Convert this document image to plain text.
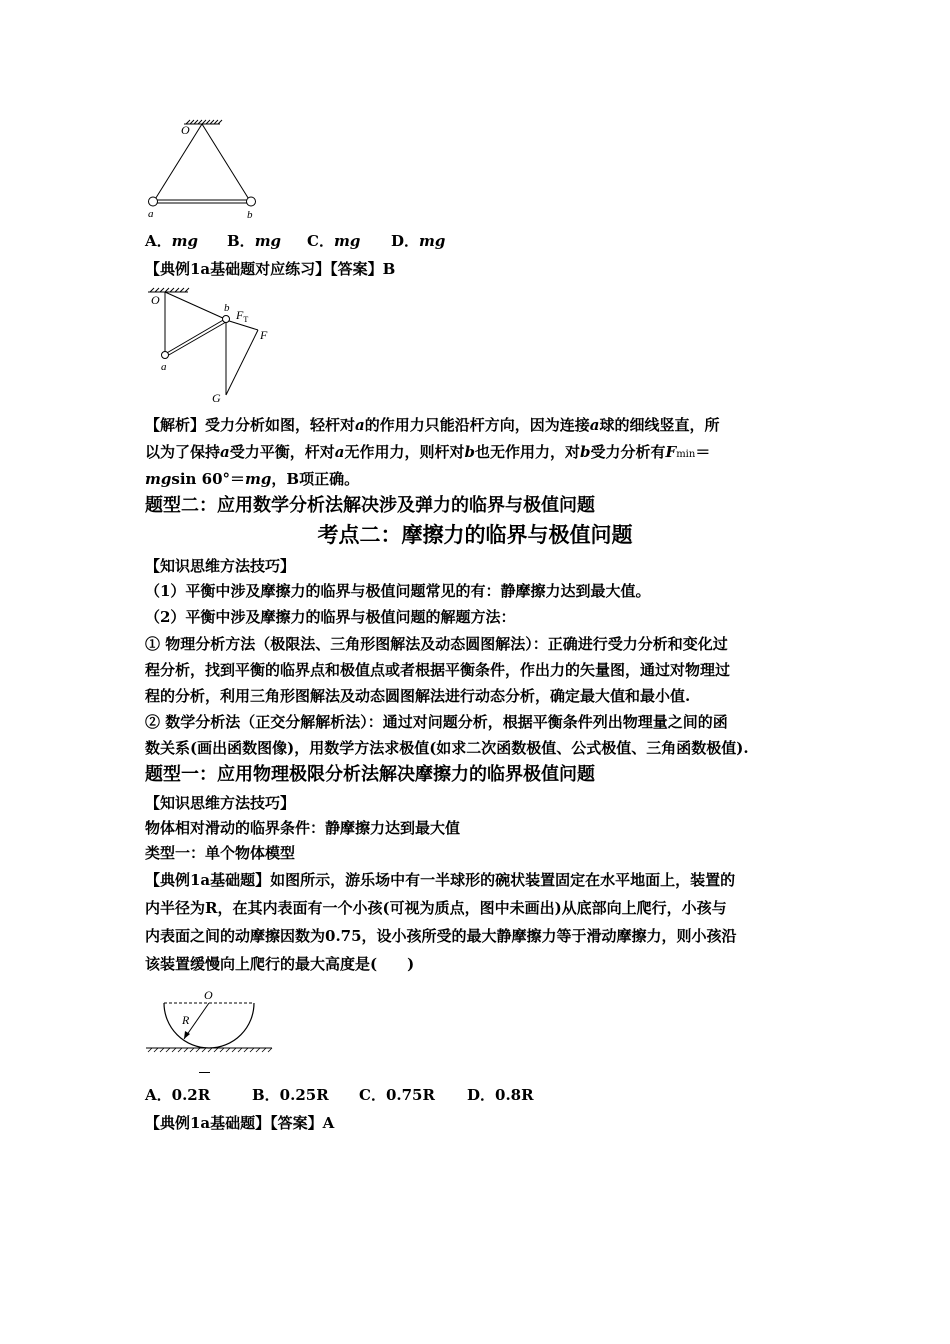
O
a	b
A．mg B．mg C．mg D．mg
【典例1a基础题对应练习】【答案】B
O
a
b $F_T$
F
G
【解析】受力分析如图，轻杆对a的作用力只能沿杆方向，因为连接a球的细线竖直，所
以为了保持a受力平衡，杆对a无作用力，则杆对b也无作用力，对b受力分析有Fmin＝
mgsin 60°＝mg，B项正确。
题型二：应用数学分析法解决涉及弹力的临界与极值问题
考点二：摩擦力的临界与极值问题
【知识思维方法技巧】
（1）平衡中涉及摩擦力的临界与极值问题常见的有：静摩擦力达到最大值。
（2）平衡中涉及摩擦力的临界与极值问题的解题方法：
① 物理分析方法（极限法、三角形图解法及动态圆图解法）：正确进行受力分析和变化过
程分析，找到平衡的临界点和极值点或者根据平衡条件，作出力的矢量图，通过对物理过
程的分析，利用三角形图解法及动态圆图解法进行动态分析，确定最大值和最小值.
② 数学分析法（正交分解解析法）：通过对问题分析，根据平衡条件列出物理量之间的函
数关系(画出函数图像)，用数学方法求极值(如求二次函数极值、公式极值、三角函数极值).
题型一：应用物理极限分析法解决摩擦力的临界极值问题
【知识思维方法技巧】
物体相对滑动的临界条件：静摩擦力达到最大值
类型一：单个物体模型
【典例1a基础题】如图所示，游乐场中有一半球形的碗状装置固定在水平地面上，装置的
内半径为R，在其内表面有一个小孩(可视为质点，图中未画出)从底部向上爬行，小孩与
内表面之间的动摩擦因数为0.75，设小孩所受的最大静摩擦力等于滑动摩擦力，则小孩沿
该装置缓慢向上爬行的最大高度是(　　)
O
R
A．0.2R	B．0.25R C．0.75R D．0.8R
【典例1a基础题】【答案】A
